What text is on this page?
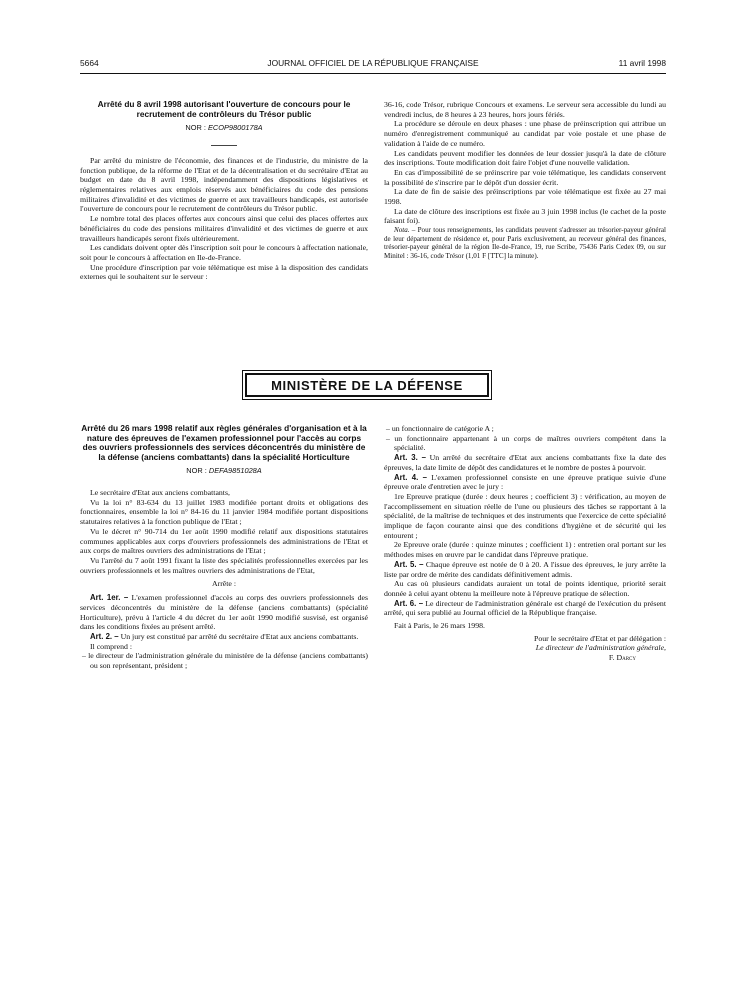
5664	JOURNAL OFFICIEL DE LA RÉPUBLIQUE FRANÇAISE	11 avril 1998
Arrêté du 8 avril 1998 autorisant l'ouverture de concours pour le recrutement de contrôleurs du Trésor public
NOR : ECOP9800178A

Par arrêté du ministre de l'économie, des finances et de l'industrie, du ministre de la fonction publique, de la réforme de l'Etat et de la décentralisation et du secrétaire d'Etat au budget en date du 8 avril 1998, indépendamment des dispositions législatives et réglementaires relatives aux emplois réservés aux bénéficiaires du code des pensions militaires d'invalidité et des victimes de guerre et aux travailleurs handicapés, est autorisée l'ouverture de concours pour le recrutement de contrôleurs du Trésor public.

Le nombre total des places offertes aux concours ainsi que celui des places offertes aux bénéficiaires du code des pensions militaires d'invalidité et des victimes de guerre et aux travailleurs handicapés seront fixés ultérieurement.

Les candidats doivent opter dès l'inscription soit pour le concours à affectation nationale, soit pour le concours à affectation en Ile-de-France.

Une procédure d'inscription par voie télématique est mise à la disposition des candidats externes qui le souhaitent sur le serveur :

36-16, code Trésor, rubrique Concours et examens. Le serveur sera accessible du lundi au vendredi inclus, de 8 heures à 23 heures, hors jours fériés.

La procédure se déroule en deux phases : une phase de préinscription qui attribue un numéro d'enregistrement communiqué au candidat par voie postale et une phase de validation à l'aide de ce numéro.

Les candidats peuvent modifier les données de leur dossier jusqu'à la date de clôture des inscriptions. Toute modification doit faire l'objet d'une nouvelle validation.

En cas d'impossibilité de se préinscrire par voie télématique, les candidats conservent la possibilité de s'inscrire par le dépôt d'un dossier écrit.

La date de fin de saisie des préinscriptions par voie télématique est fixée au 27 mai 1998.

La date de clôture des inscriptions est fixée au 3 juin 1998 inclus (le cachet de la poste faisant foi).

Nota. – Pour tous renseignements, les candidats peuvent s'adresser au trésorier-payeur général de leur département de résidence et, pour Paris exclusivement, au receveur général des finances, trésorier-payeur général de la région Ile-de-France, 19, rue Scribe, 75436 Paris Cedex 09, ou sur Minitel : 36-16, code Trésor (1,01 F [TTC] la minute).

MINISTÈRE DE LA DÉFENSE
Arrêté du 26 mars 1998 relatif aux règles générales d'organisation et à la nature des épreuves de l'examen professionnel pour l'accès au corps des ouvriers professionnels des services déconcentrés du ministère de la défense (anciens combattants) dans la spécialité Horticulture
NOR : DEFA9851028A

Le secrétaire d'Etat aux anciens combattants,

Vu la loi n° 83-634 du 13 juillet 1983 modifiée portant droits et obligations des fonctionnaires, ensemble la loi n° 84-16 du 11 janvier 1984 modifiée portant dispositions statutaires relatives à la fonction publique de l'Etat ;

Vu le décret n° 90-714 du 1er août 1990 modifié relatif aux dispositions statutaires communes applicables aux corps d'ouvriers professionnels des administrations de l'Etat et aux corps de maîtres ouvriers des administrations de l'Etat ;

Vu l'arrêté du 7 août 1991 fixant la liste des spécialités professionnelles exercées par les ouvriers professionnels et les maîtres ouvriers des administrations de l'Etat,

Arrête :

Art. 1er. – L'examen professionnel d'accès au corps des ouvriers professionnels des services déconcentrés du ministère de la défense (anciens combattants) (spécialité Horticulture), prévu à l'article 4 du décret du 1er août 1990 modifié susvisé, est organisé dans les conditions fixées au présent arrêté.

Art. 2. – Un jury est constitué par arrêté du secrétaire d'Etat aux anciens combattants.

Il comprend :

– le directeur de l'administration générale du ministère de la défense (anciens combattants) ou son représentant, président ;

– un fonctionnaire de catégorie A ;

– un fonctionnaire appartenant à un corps de maîtres ouvriers compétent dans la spécialité.

Art. 3. – Un arrêté du secrétaire d'Etat aux anciens combattants fixe la date des épreuves, la date limite de dépôt des candidatures et le nombre de postes à pourvoir.

Art. 4. – L'examen professionnel consiste en une épreuve pratique suivie d'une épreuve orale d'entretien avec le jury :

1re Epreuve pratique (durée : deux heures ; coefficient 3) : vérification, au moyen de l'accomplissement en situation réelle de l'une ou plusieurs des tâches se rapportant à la spécialité, de la maîtrise de techniques et des instruments que l'exercice de cette spécialité implique de façon courante ainsi que des conditions d'hygiène et de sécurité qui les entourent ;

2e Epreuve orale (durée : quinze minutes ; coefficient 1) : entretien oral portant sur les méthodes mises en œuvre par le candidat dans l'épreuve pratique.

Art. 5. – Chaque épreuve est notée de 0 à 20. A l'issue des épreuves, le jury arrête la liste par ordre de mérite des candidats définitivement admis.

Au cas où plusieurs candidats auraient un total de points identique, priorité serait donnée à celui ayant obtenu la meilleure note à l'épreuve pratique de sélection.

Art. 6. – Le directeur de l'administration générale est chargé de l'exécution du présent arrêté, qui sera publié au Journal officiel de la République française.

Fait à Paris, le 26 mars 1998.

Pour le secrétaire d'Etat et par délégation :

Le directeur de l'administration générale,

F. Darcy
